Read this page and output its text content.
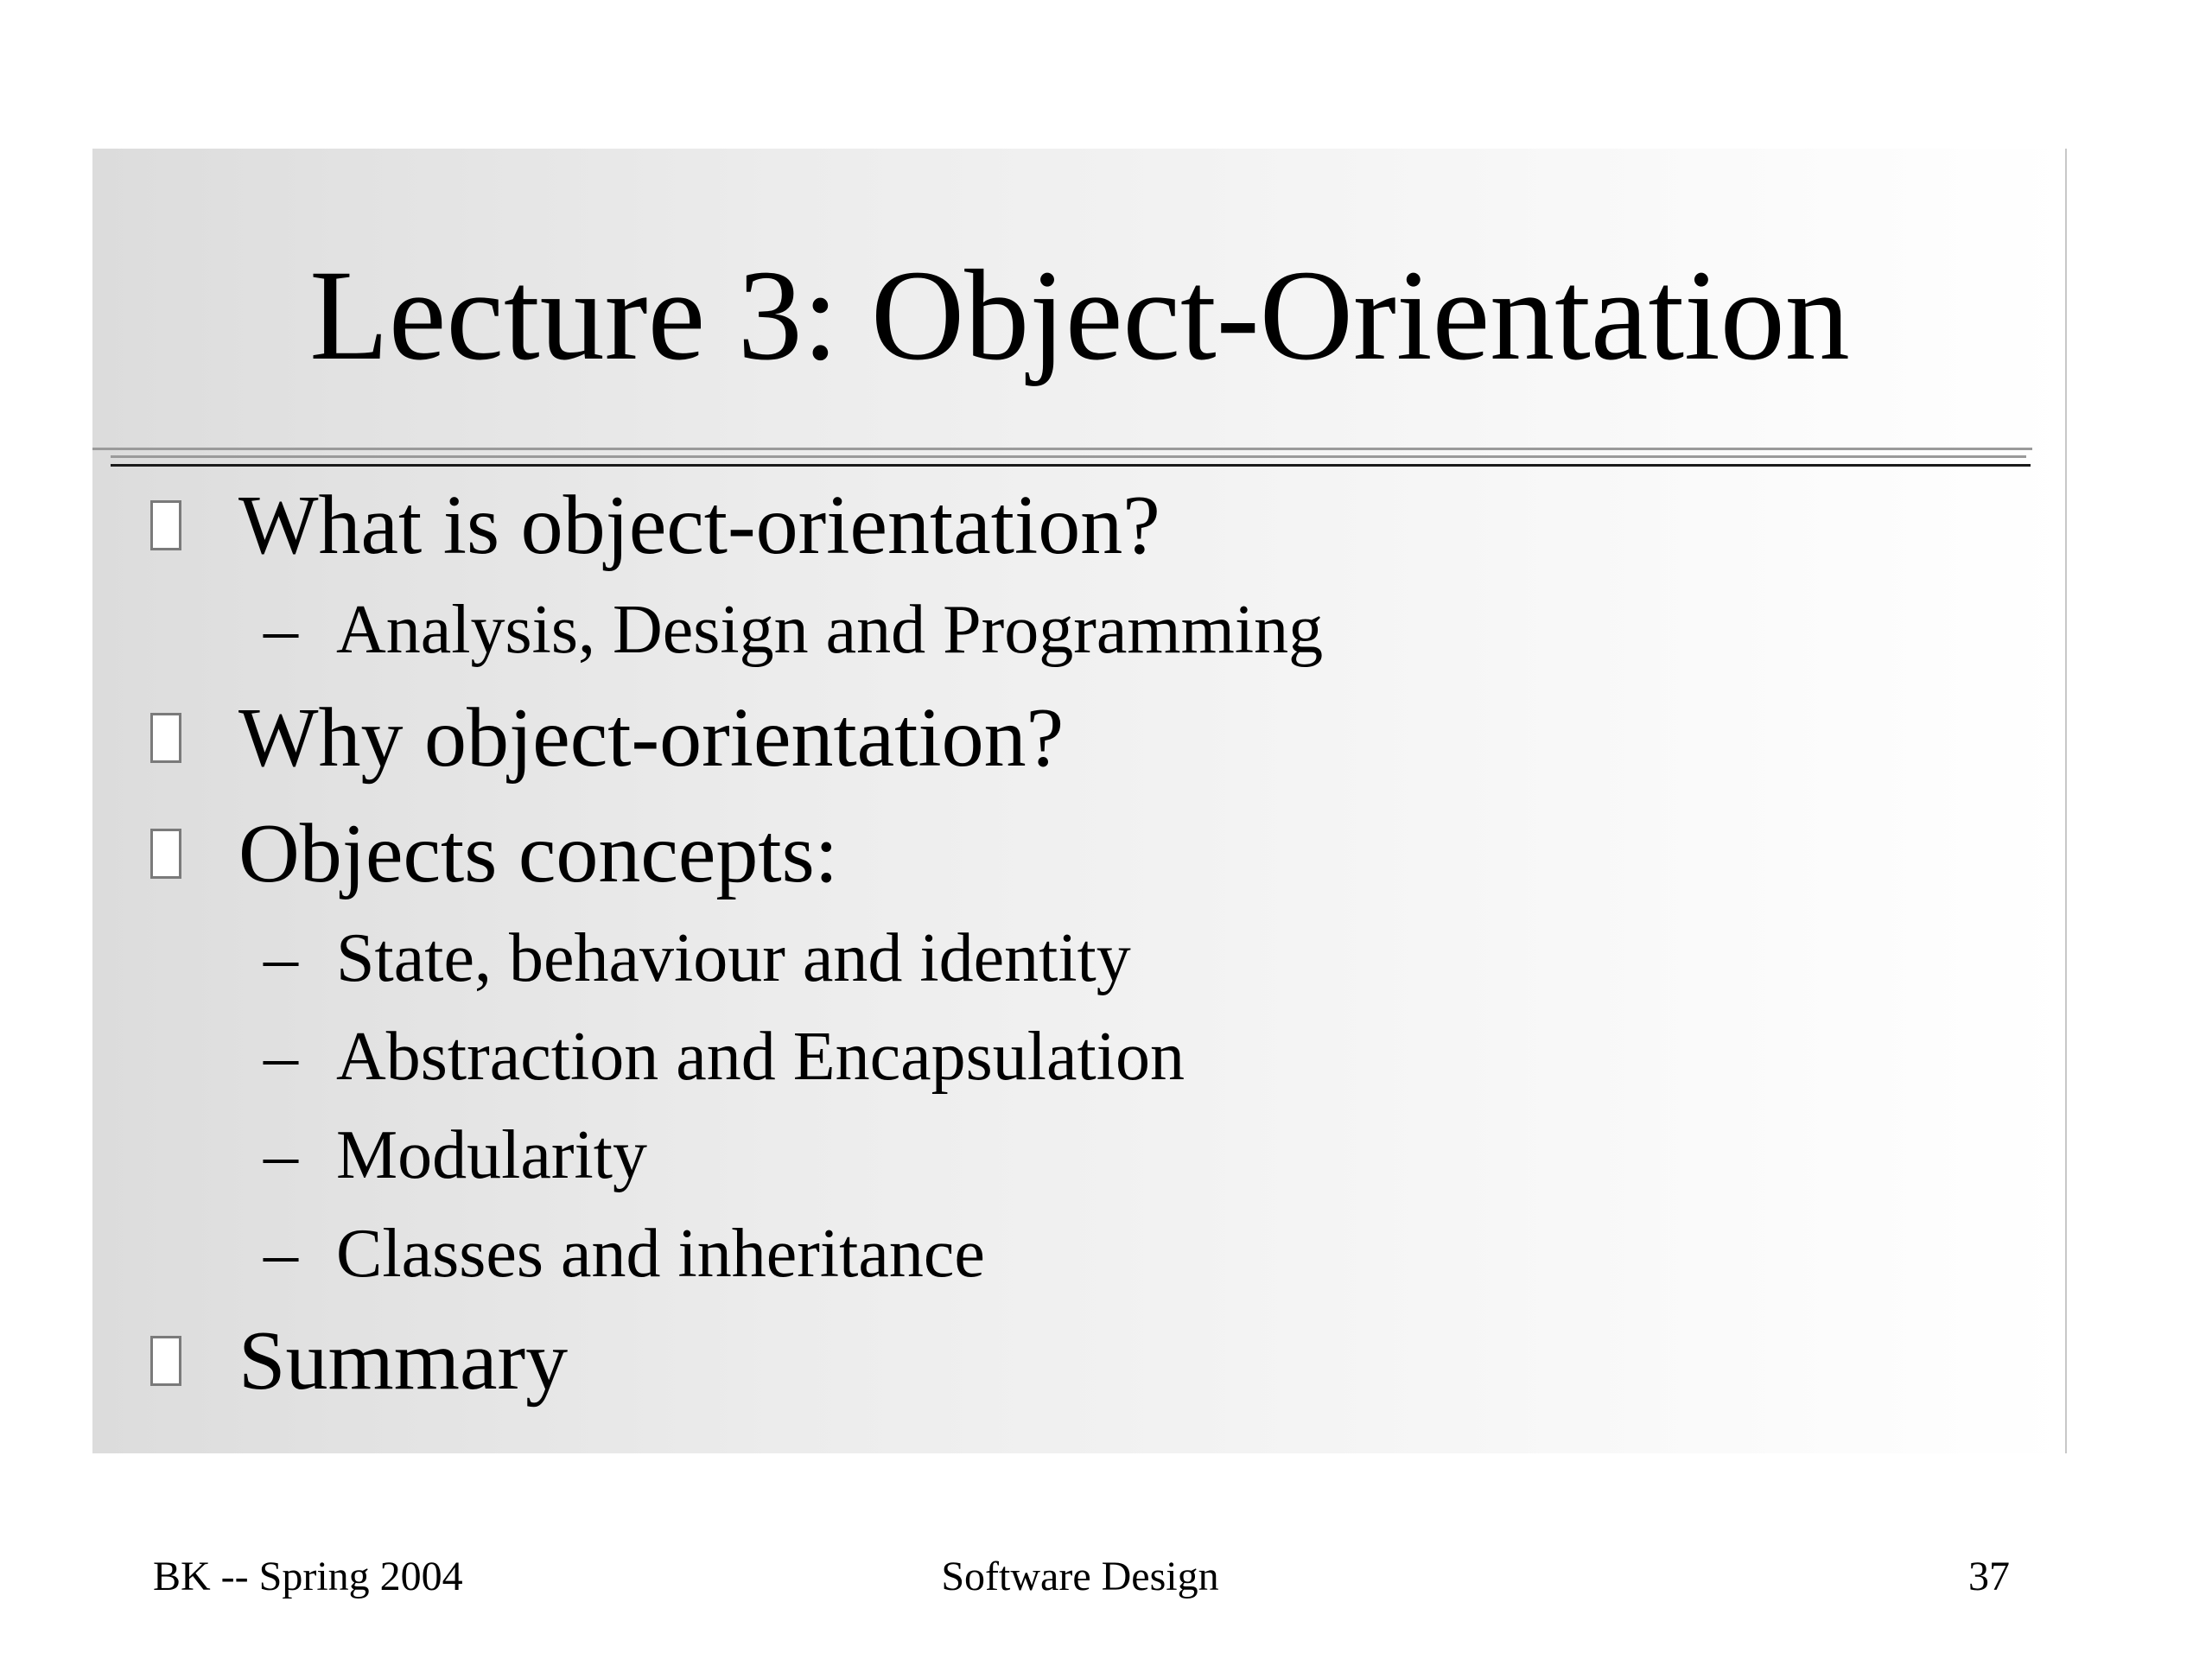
Lecture 3: Object-Orientation
What is object-orientation?
– Analysis, Design and Programming
Why object-orientation?
Objects concepts:
– State, behaviour and identity
– Abstraction and Encapsulation
– Modularity
– Classes and inheritance
Summary
BK -- Spring 2004	Software Design	37
